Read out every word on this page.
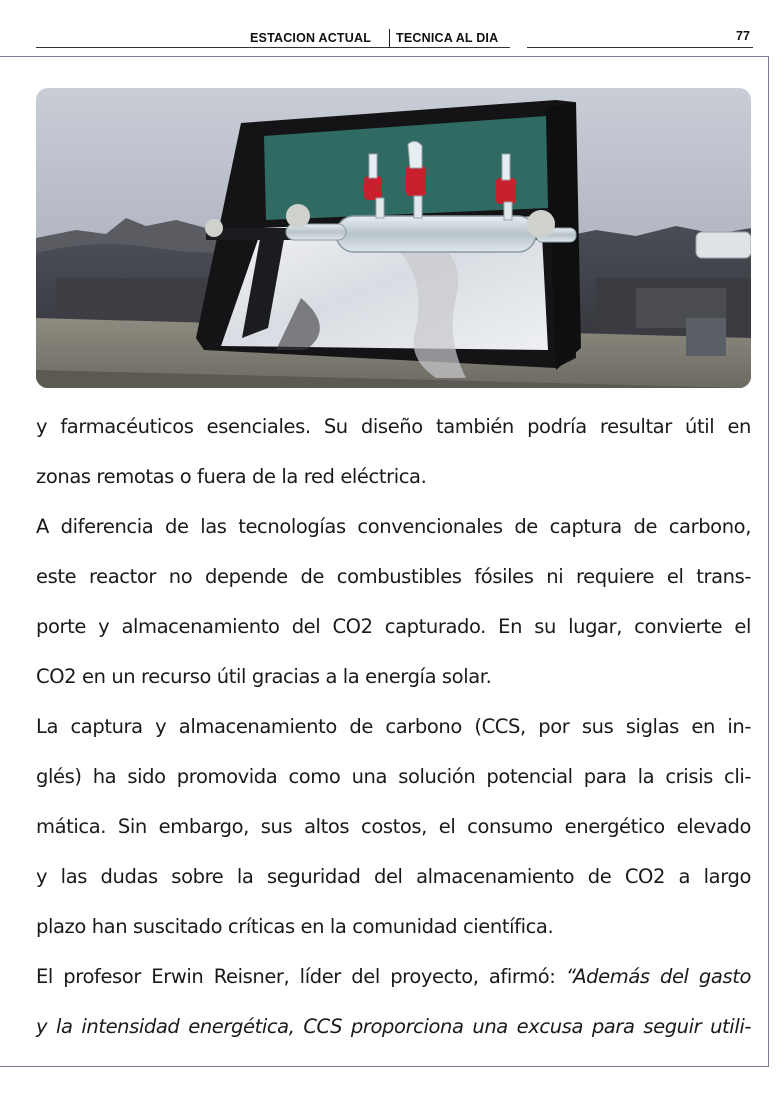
ESTACION ACTUAL TECNICA AL DIA	77
y farmacéuticos esenciales. Su diseño también podría resultar útil en
zonas remotas o fuera de la red eléctrica.
A diferencia de las tecnologías convencionales de captura de carbono,
este reactor no depende de combustibles fósiles ni requiere el trans-
porte y almacenamiento del CO2 capturado. En su lugar, convierte el
CO2 en un recurso útil gracias a la energía solar.
La captura y almacenamiento de carbono (CCS, por sus siglas en in-
glés) ha sido promovida como una solución potencial para la crisis cli-
mática. Sin embargo, sus altos costos, el consumo energético elevado
y las dudas sobre la seguridad del almacenamiento de CO2 a largo
plazo han suscitado críticas en la comunidad científica.
El profesor Erwin Reisner, líder del proyecto, afirmó: “Además del gasto
y la intensidad energética, CCS proporciona una excusa para seguir utili-
